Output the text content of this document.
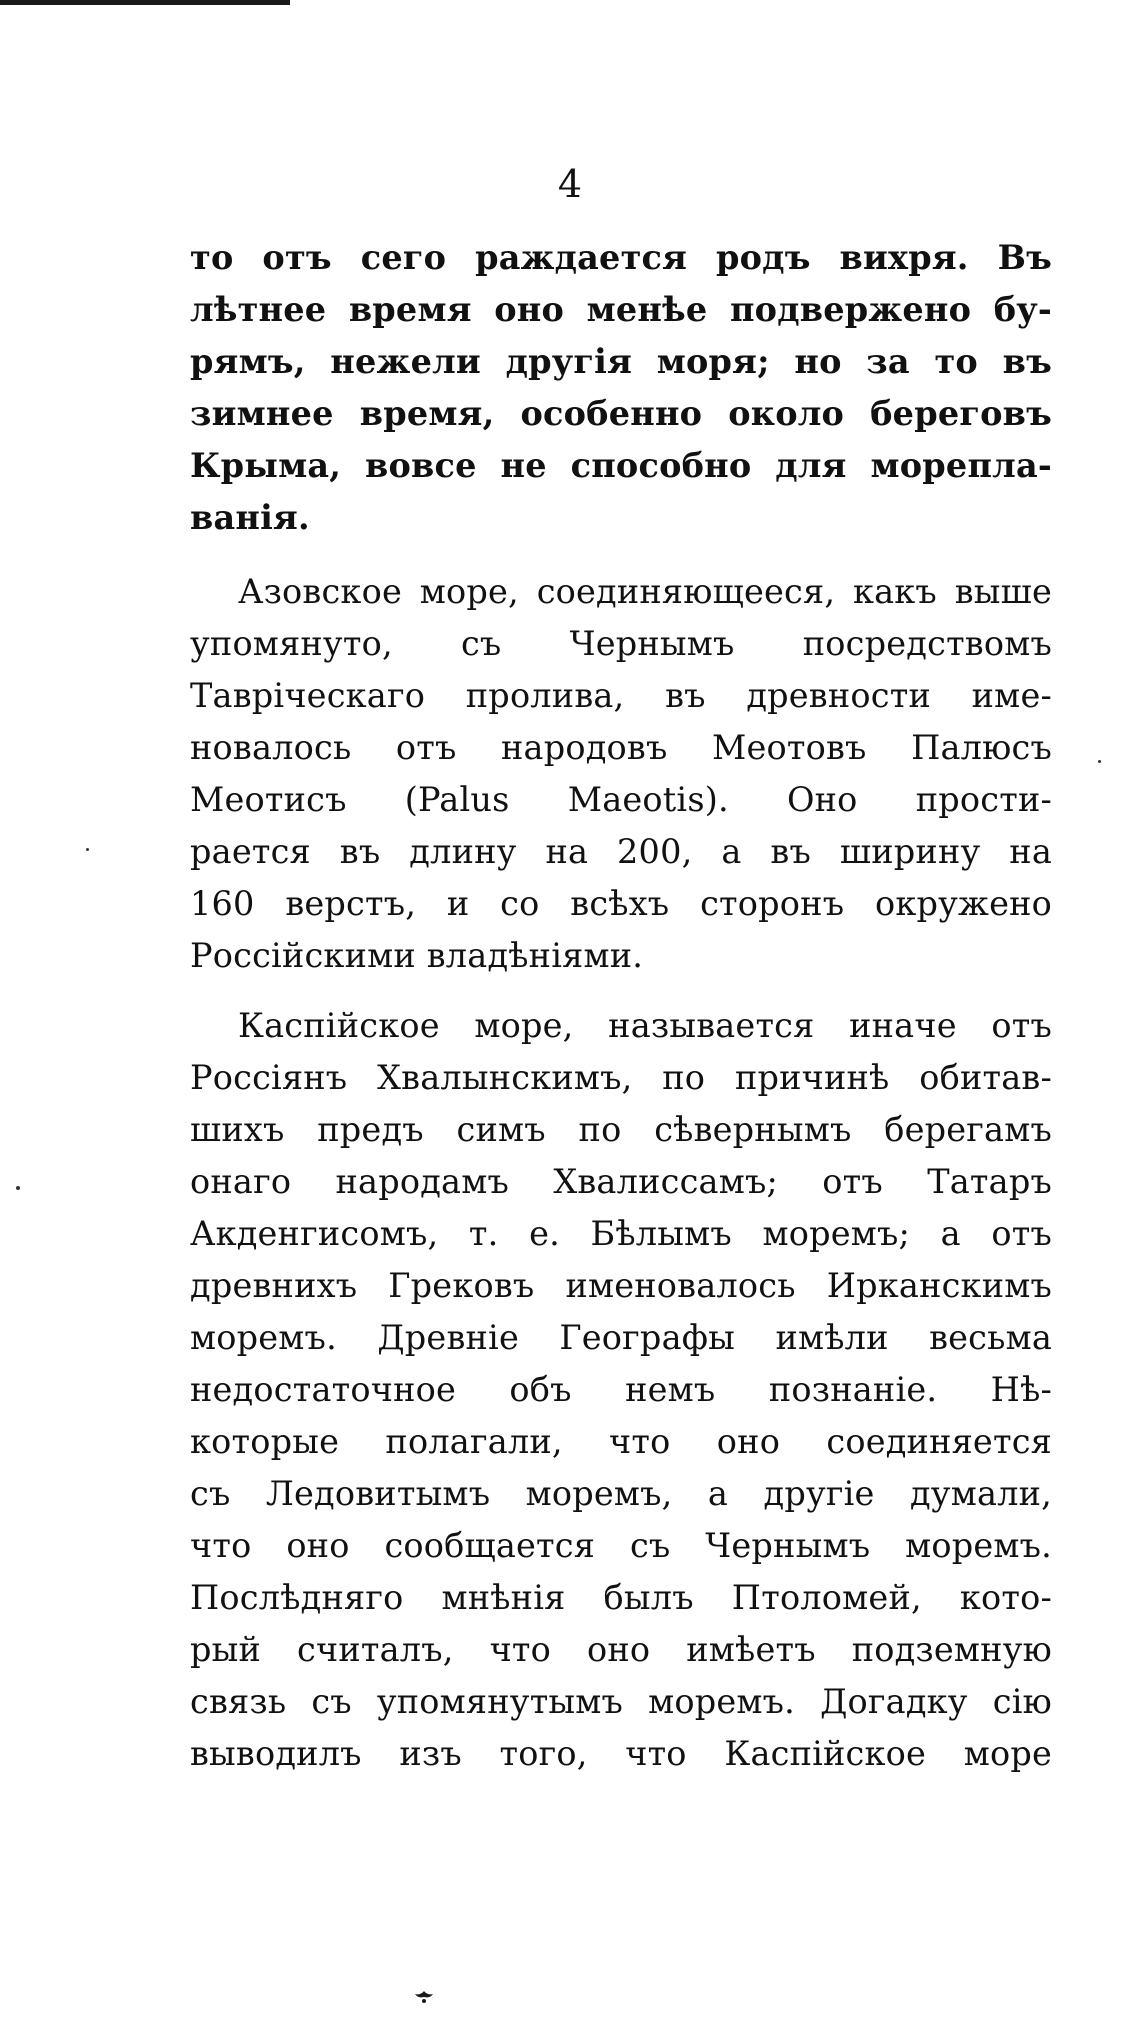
4
то отъ сего раждается родъ вихря. Въ
лѣтнее время оно менѣе подвержено бу-
рямъ, нежели другія моря; но за то въ
зимнее время, особенно около береговъ
Крыма, вовсе не способно для морепла-
ванія.
Азовское море, соединяющееся, какъ выше
упомянуто, съ Чернымъ посредствомъ
Тавріческаго пролива, въ древности име-
новалось отъ народовъ Меотовъ Палюсъ
Меотисъ (Palus Maeotis). Оно прости-
рается въ длину на 200, а въ ширину на
160 верстъ, и со всѣхъ сторонъ окружено
Россійскими владѣніями.
Каспійское море, называется иначе отъ
Россіянъ Хвалынскимъ, по причинѣ обитав-
шихъ предъ симъ по сѣвернымъ берегамъ
онаго народамъ Хвалиссамъ; отъ Татаръ
Акденгисомъ, т. е. Бѣлымъ моремъ; а отъ
древнихъ Грековъ именовалось Ирканскимъ
моремъ. Древніе Географы имѣли весьма
недостаточное объ немъ познаніе. Нѣ-
которые полагали, что оно соединяется
съ Ледовитымъ моремъ, а другіе думали,
что оно сообщается съ Чернымъ моремъ.
Послѣдняго мнѣнія былъ Птоломей, кото-
рый считалъ, что оно имѣетъ подземную
связь съ упомянутымъ моремъ. Догадку сію
выводилъ изъ того, что Каспійское море
